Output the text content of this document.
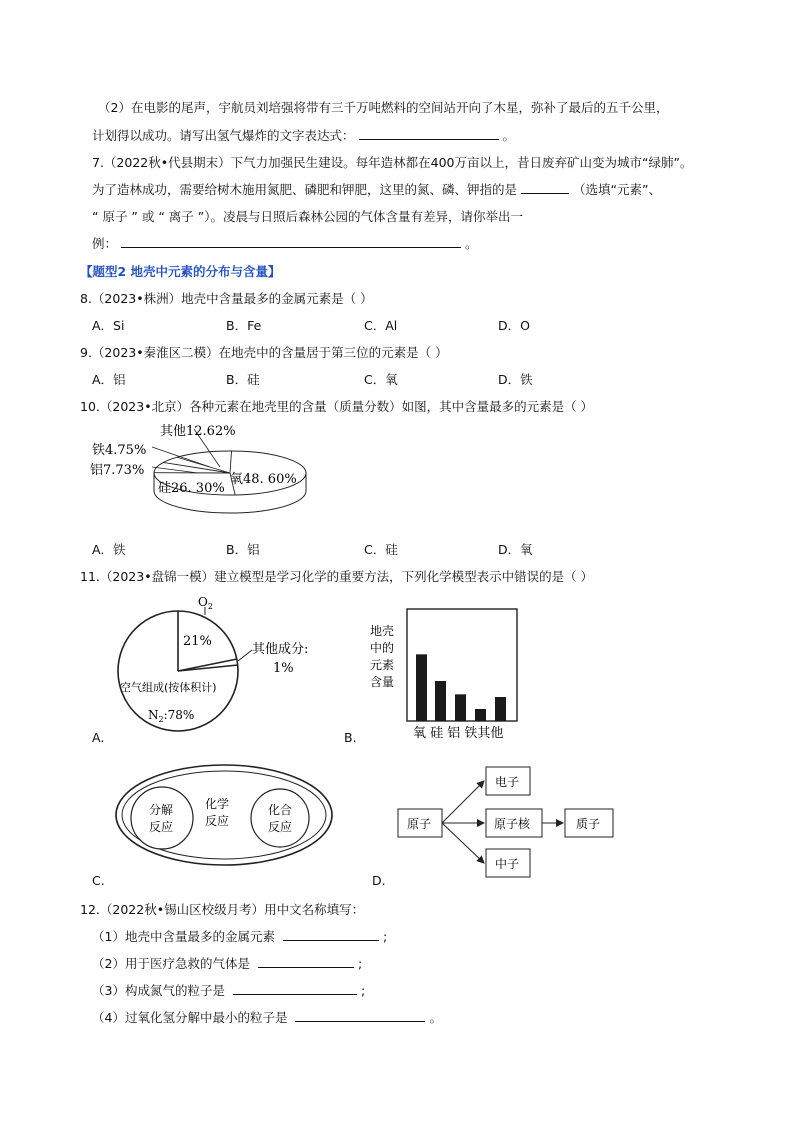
（2）在电影的尾声，宇航员刘培强将带有三千万吨燃料的空间站开向了木星，弥补了最后的五千公里，
计划得以成功。请写出氢气爆炸的文字表达式：	。
7.（2022秋•代县期末）下气力加强民生建设。每年造林都在400万亩以上，昔日废弃矿山变为城市“绿肺”。
为了造林成功，需要给树木施用氮肥、磷肥和钾肥，这里的氮、磷、钾指的是	（选填“元素”、
“ 原子 ” 或 “ 离子 ”）。凌晨与日照后森林公园的气体含量有差异，请你举出一
例：	。
【题型2 地壳中元素的分布与含量】
8.（2023•株洲）地壳中含量最多的金属元素是（ ）
A．Si	B．Fe	C．Al	D．O
9.（2023•秦淮区二模）在地壳中的含量居于第三位的元素是（ ）
A．铝	B．硅	C．氧	D．铁
10.（2023•北京）各种元素在地壳里的含量（质量分数）如图，其中含量最多的元素是（ ）
其他12.62%
铁4.75%
铝7.73%
氧48. 60%
硅26. 30%
A．铁	B．铝	C．硅	D．氧
11.（2023•盘锦一模）建立模型是学习化学的重要方法，下列化学模型表示中错误的是（ ）
$O_2$
21%
其他成分:
1%
空气组成(按体积计)
$N_2:78\%$
A.
地壳
中的
元素
含量
氧 硅 铝 铁其他
B.
分解
反应
化学
反应
化合
反应
C.
原子
电子
原子核
中子
质子
D.
12.（2022秋•锡山区校级月考）用中文名称填写：
（1）地壳中含量最多的金属元素	;
（2）用于医疗急救的气体是	;
（3）构成氮气的粒子是	;
（4）过氧化氢分解中最小的粒子是	。
